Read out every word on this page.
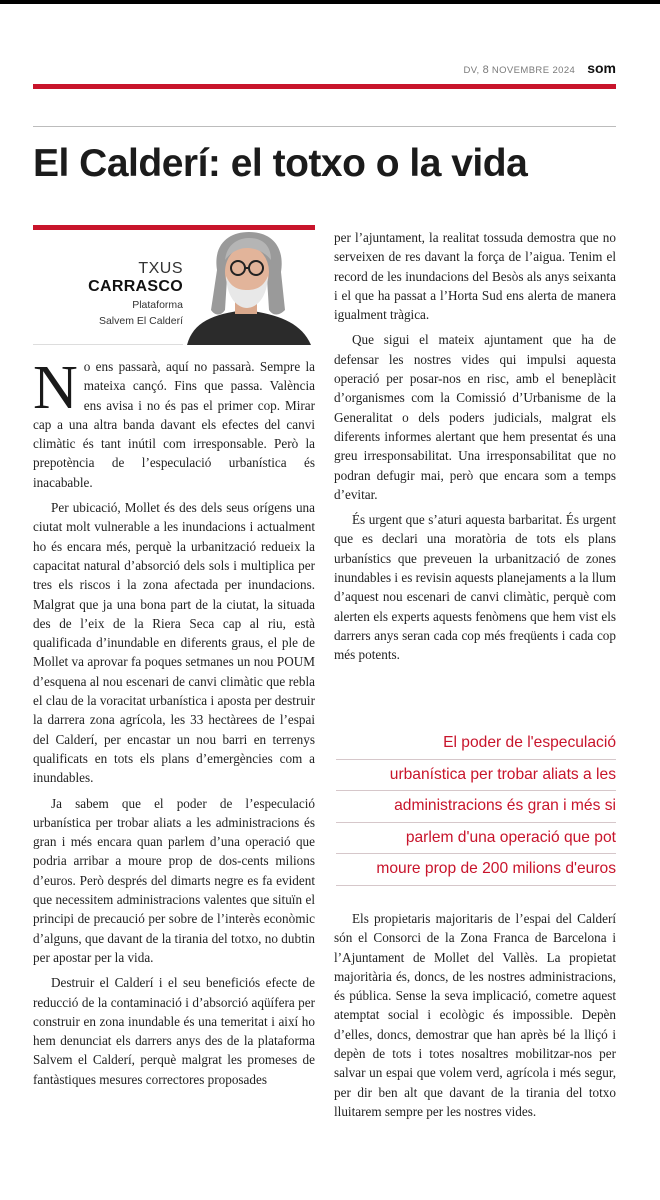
DV, 8 NOVEMBRE 2024 som
El Calderí: el totxo o la vida
TXUS
CARRASCO
Plataforma
Salvem El Calderí

No ens passarà, aquí no passarà. Sempre la mateixa cançó. Fins que passa. València ens avisa i no és pas el primer cop. Mirar cap a una altra banda davant els efectes del canvi climàtic és tant inútil com irresponsable. Però la prepotència de l’especulació urbanística és inacabable.

Per ubicació, Mollet és des dels seus orígens una ciutat molt vulnerable a les inundacions i actualment ho és encara més, perquè la urbanització redueix la capacitat natural d’absorció dels sols i multiplica per tres els riscos i la zona afectada per inundacions. Malgrat que ja una bona part de la ciutat, la situada des de l’eix de la Riera Seca cap al riu, està qualificada d’inundable en diferents graus, el ple de Mollet va aprovar fa poques setmanes un nou POUM d’esquena al nou escenari de canvi climàtic que rebla el clau de la voracitat urbanística i aposta per destruir la darrera zona agrícola, les 33 hectàrees de l’espai del Calderí, per encastar un nou barri en terrenys qualificats en tots els plans d’emergències com a inundables.

Ja sabem que el poder de l’especulació urbanística per trobar aliats a les administracions és gran i més encara quan parlem d’una operació que podria arribar a moure prop de dos-cents milions d’euros. Però després del dimarts negre es fa evident que necessitem administracions valentes que situïn el principi de precaució per sobre de l’interès econòmic d’alguns, que davant de la tirania del totxo, no dubtin per apostar per la vida.

Destruir el Calderí i el seu beneficiós efecte de reducció de la contaminació i d’absorció aqüífera per construir en zona inundable és una temeritat i així ho hem denunciat els darrers anys des de la plataforma Salvem el Calderí, perquè malgrat les promeses de fantàstiques mesures correctores proposades

per l’ajuntament, la realitat tossuda demostra que no serveixen de res davant la força de l’aigua. Tenim el record de les inundacions del Besòs als anys seixanta i el que ha passat a l’Horta Sud ens alerta de manera igualment tràgica.

Que sigui el mateix ajuntament que ha de defensar les nostres vides qui impulsi aquesta operació per posar-nos en risc, amb el beneplàcit d’organismes com la Comissió d’Urbanisme de la Generalitat o dels poders judicials, malgrat els diferents informes alertant que hem presentat és una greu irresponsabilitat. Una irresponsabilitat que no podran defugir mai, però que encara som a temps d’evitar.

És urgent que s’aturi aquesta barbaritat. És urgent que es declari una moratòria de tots els plans urbanístics que preveuen la urbanització de zones inundables i es revisin aquests planejaments a la llum d’aquest nou escenari de canvi climàtic, perquè com alerten els experts aquests fenòmens que hem vist els darrers anys seran cada cop més freqüents i cada cop més potents.

El poder de l'especulació
urbanística per trobar aliats a les
administracions és gran i més si
parlem d'una operació que pot
moure prop de 200 milions d'euros

Els propietaris majoritaris de l’espai del Calderí són el Consorci de la Zona Franca de Barcelona i l’Ajuntament de Mollet del Vallès. La propietat majoritària és, doncs, de les nostres administracions, és pública. Sense la seva implicació, cometre aquest atemptat social i ecològic és impossible. Depèn d’elles, doncs, demostrar que han après bé la lliçó i depèn de tots i totes nosaltres mobilitzar-nos per salvar un espai que volem verd, agrícola i més segur, per dir ben alt que davant de la tirania del totxo lluitarem sempre per les nostres vides.
